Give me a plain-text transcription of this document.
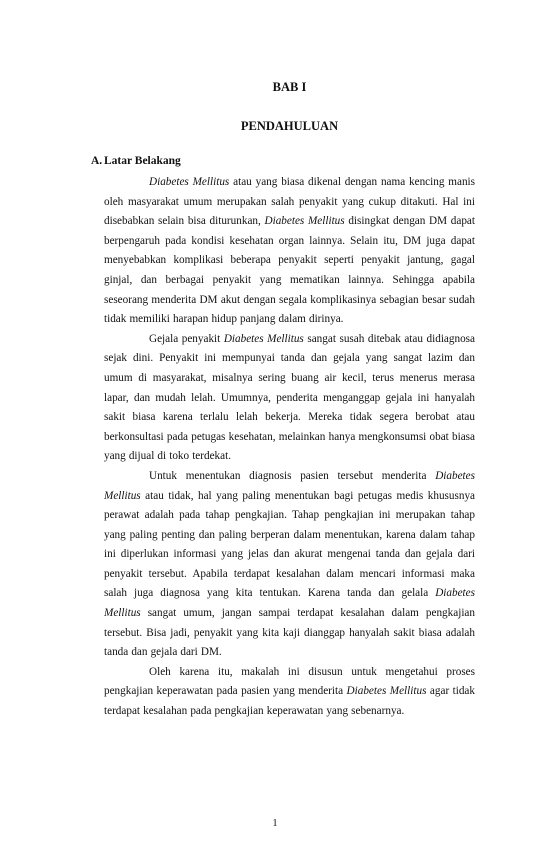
BAB I
PENDAHULUAN
A. Latar Belakang

Diabetes Mellitus atau yang biasa dikenal dengan nama kencing manis oleh masyarakat umum merupakan salah penyakit yang cukup ditakuti. Hal ini disebabkan selain bisa diturunkan, Diabetes Mellitus disingkat dengan DM dapat berpengaruh pada kondisi kesehatan organ lainnya. Selain itu, DM juga dapat menyebabkan komplikasi beberapa penyakit seperti penyakit jantung, gagal ginjal, dan berbagai penyakit yang mematikan lainnya. Sehingga apabila seseorang menderita DM akut dengan segala komplikasinya sebagian besar sudah tidak memiliki harapan hidup panjang dalam dirinya.

Gejala penyakit Diabetes Mellitus sangat susah ditebak atau didiagnosa sejak dini. Penyakit ini mempunyai tanda dan gejala yang sangat lazim dan umum di masyarakat, misalnya sering buang air kecil, terus menerus merasa lapar, dan mudah lelah. Umumnya, penderita menganggap gejala ini hanyalah sakit biasa karena terlalu lelah bekerja. Mereka tidak segera berobat atau berkonsultasi pada petugas kesehatan, melainkan hanya mengkonsumsi obat biasa yang dijual di toko terdekat.

Untuk menentukan diagnosis pasien tersebut menderita Diabetes Mellitus atau tidak, hal yang paling menentukan bagi petugas medis khususnya perawat adalah pada tahap pengkajian. Tahap pengkajian ini merupakan tahap yang paling penting dan paling berperan dalam menentukan, karena dalam tahap ini diperlukan informasi yang jelas dan akurat mengenai tanda dan gejala dari penyakit tersebut. Apabila terdapat kesalahan dalam mencari informasi maka salah juga diagnosa yang kita tentukan. Karena tanda dan gelala Diabetes Mellitus sangat umum, jangan sampai terdapat kesalahan dalam pengkajian tersebut. Bisa jadi, penyakit yang kita kaji dianggap hanyalah sakit biasa adalah tanda dan gejala dari DM.

Oleh karena itu, makalah ini disusun untuk mengetahui proses pengkajian keperawatan pada pasien yang menderita Diabetes Mellitus agar tidak terdapat kesalahan pada pengkajian keperawatan yang sebenarnya.

1
